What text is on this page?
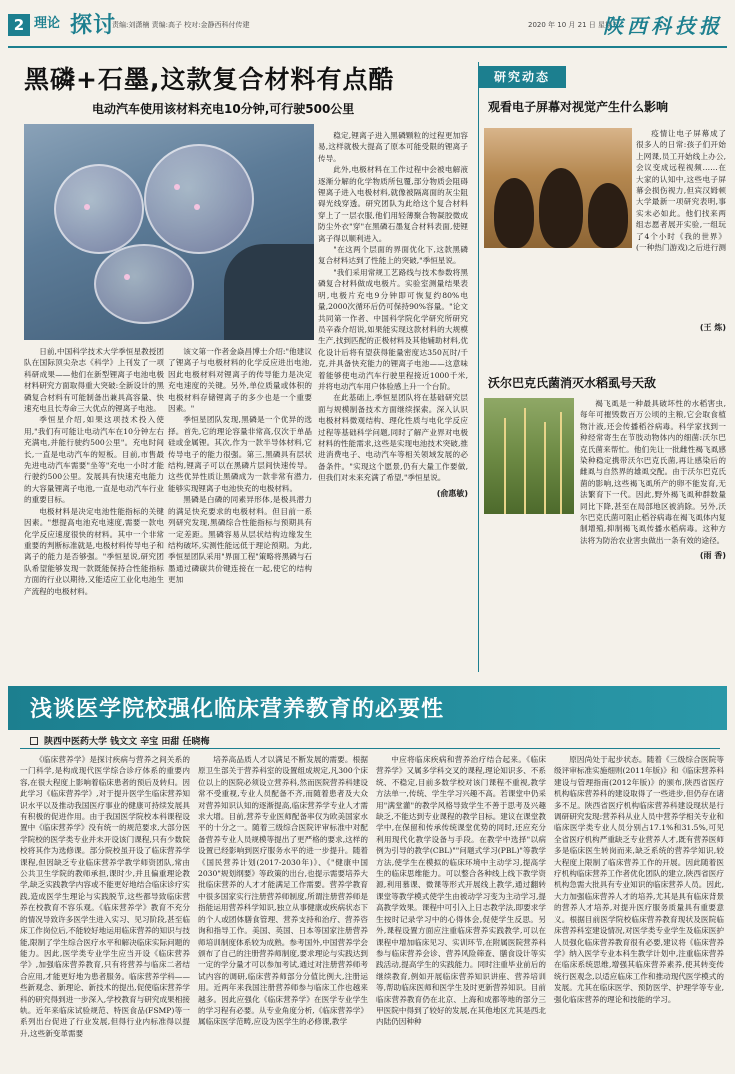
2 理论 探讨
责编:刘潇楠 责编:高子 校对:金静西科付传建	2020 年 10 月 21 日 星期三
陕西科技报
黑磷+石墨,这款复合材料有点酷
电动汽车使用该材料充电10分钟,可行驶500公里

日前,中国科学技术大学季恒星教授团队在国际顶尖杂志《科学》上刊发了一项科研成果——他们在新型锂离子电池电极材料研究方面取得重大突破:全新设计的黑磷复合材料有可能制备出兼具高容量、快速充电且长寿命三大优点的锂离子电池。

季恒星介绍,如果这项技术投入使用,"我们有可能让电动汽车在10分钟左右充满电,并能行驶约500公里"。充电时间长,一直是电动汽车的短板。目前,市售最先进电动汽车需要"坐等"充电一小时才能行驶约500公里。发展具有快速充电能力的大容量锂离子电池,一直是电动汽车行业的重要目标。

电极材料是决定电池性能指标的关键因素。"想提高电池充电速度,需要一款电化学反应速度很快的材料。其中一个非常重要的判断标准就是,电极材料传导电子和离子的能力是否够强。"季恒星说,研究团队希望能够发现一款既能保持合性能指标方面的行业以期待,又能适应工业化电池生产流程的电极材料。

该文第一作者金焱昌博士介绍:"他建议了锂离子与电极材料的化学反应进出电池,因此电极材料对锂离子的传导能力是决定充电速度的关键。另外,单位质量或体积的电极材料存储锂离子的多少也是一个重要因素。"

季恒星团队发现,黑磷是一个优异的选择。首先,它的理论容量非常高,仅次于单晶硅或金属锂。其次,作为一款半导体材料,它传导电子的能力很强。第三,黑磷具有层状结构,锂离子可以在黑磷片层间快速传导。这些优异性质让黑磷成为一款非常有潜力,能够实现锂离子电池快充的电极材料。

黑磷是白磷的同素异形体,是极具潜力的满足快充要求的电极材料。但目前一系列研究发现,黑磷综合性能指标与预期具有一定差距。黑磷容易从层状结构边缘发生结构破坏,实测性能远低于理论预期。为此,季恒星团队采用"界面工程"策略将黑磷与石墨通过磷碳共价键连接在一起,使它的结构更加

稳定,锂离子进入黑磷颗粒的过程更加容易,这样就极大提高了原本可能受限的锂离子传导。

此外,电极材料在工作过程中会被电解液逐渐分解的化学物质所包覆,部分物质会阻碍锂离子进入电极材料,就像被隔离面的灰尘阻碍光线穿透。研究团队为此给这个复合材料穿上了一层衣服,他们用轻薄聚合物凝胶微成防尘外衣"穿"在黑磷石墨复合材料表面,使锂离子得以顺利进入。

"在这两个层面的界面优化下,这款黑磷复合材料达到了性能上的突破,"季恒星说。

"我们采用常规工艺路线与技术参数将黑磷复合材料做成电极片。实验室测量结果表明,电极片充电9分钟即可恢复约80%电量,2000次循环后仍可保持90%容量。"论文共同第一作者、中国科学院化学研究所研究员辛森介绍说,如果能实现这款材料的大规模生产,找到匹配的正极材料及其他辅助材料,优化设计后将有望获得能量密度达350瓦时/千克,并具备快充能力的锂离子电池——这意味着能够使电动汽车行驶里程接近1000千米,并将电动汽车用户体验感上升一个台阶。

在此基础上,季恒星团队将在基础研究层面与规模制备技术方面继续探索。深入认识电极材料微观结构、理化性质与电化学反应过程等基础科学问题,同时了解产业界对电极材料的性能需求,这些是实现电池技术突破,推进消费电子、电动汽车等相关领域发展的必备条件。"实现这个愿景,仍有大量工作要做,但我们对未来充满了希望,"季恒星说。

(俞惠敏)
研究动态
观看电子屏幕对视觉产生什么影响

疫情让电子屏幕成了很多人的日常:孩子们开始上网课,员工开始线上办公,会议变成远程视频……在大家的认知中,这些电子屏幕会损伤视力,但宾汉姆顿大学最新一项研究表明,事实未必如此。他们找来两组志愿者展开实验,一组玩了4个小时《我的世界》(一种热门游戏)之后进行测

(王 炼)
沃尔巴克氏菌消灭水稻虱号天敌

褐飞虱是一种最具破坏性的水稻害虫,每年可摧毁数百万公顷的主粮,它会取食植物汁液,还会传播稻谷病毒。科学家找到一种经常寄生在节肢动物体内的细菌:沃尔巴克氏菌来帮忙。他们先让一批雌性褐飞虱感染种稳定携带沃尔巴克氏菌,再让感染后的雌虱与自然界的雄虱交配。由于沃尔巴克氏菌的影响,这些褐飞虱所产的卵不能发育,无法繁育下一代。因此,野外褐飞虱种群数量同比下降,甚至在局部地区被消除。另外,沃尔巴克氏菌可阻止稻谷病毒在褐飞虱体内复制增殖,抑制褐飞虱传播水稻病毒。这种方法将为防治农业害虫做出一条有效的途径。

(雨 香)
浅谈医学院校强化临床营养教育的必要性
陕西中医药大学 钱文文 辛宝 田甜 任晓梅

《临床营养学》是探讨疾病与营养之间关系的一门科学,是构成现代医学综合诊疗体系的重要内容,在很大程度上影响着临床患者的预后及转归。因此学习《临床营养学》,对于提升医学生临床营养知识水平以及推动我国医疗事业的健康可持续发展具有积极的促进作用。由于我国医学院校本科课程设置中《临床营养学》没有统一的规范要求,大部分医学院校的医学类专业并未开设该门课程,只有少数院校将其作为选修课。部分院校虽开设了临床营养学课程,但因缺乏专业临床营养学教学师资团队,常由公共卫生学院的教师承担,课时少,并且偏重理论教学,缺乏实践教学内容或不能更好地结合临床诊疗实践,造成医学生理论与实践脱节,这些都导致临床营养在校教育不容乐观。《临床营养学》教育不充分的情况导致许多医学生进入实习、见习阶段,甚至临床工作岗位后,不能较好地运用临床营养的知识与技能,限制了学生综合医疗水平和解决临床实际问题的能力。因此,医学类专业学生应当开设《临床营养学》,加强临床营养教育,只有将营养与临床二者结合应用,才能更好地为患者服务。临床营养学科——些新观念、新理论、新技术的提出,促使临床营养学科的研究得到进一步深入,学校教育与研究成果相接轨。近年来临床试验规范、特医食品(FSMP)等一系列出台促进了行业发展,但得行业内标准得以提升,这些新变革需要

培养高品质人才以满足不断发展的需要。根据原卫生部关于营养科室的设置组成规定,凡300个床位以上的医院必须设立营养科,然而医院营养科建设常不受重视,专业人员配备不齐,而随着患者及大众对营养知识认知的逐渐提高,临床营养学专业人才需求大增。目前,营养专业医师配备率仅为欧美国家水平的十分之一。随着三级综合医院评审标准中对配备营养专业人员规模等提出了更严格的要求,这样的设置已经影响到医疗服务水平的进一步提升。随着《国民营养计划(2017-2030年)》、《"健康中国2030"规划纲要》等政策的出台,也提示需要培养大批临床营养的人才才能满足工作需要。营养学教育中很多国家实行注册营养师制度,所谓注册营养师是指能运用营养科学知识,独立从事健康或疾病状态下的个人或团体膳食管理、营养支持和治疗、营养咨询和指导工作。美国、英国、日本等国家注册营养师培训制度体系较为成熟。参考国外,中国营养学会颁布了自己的注册营养师制度,要求理论与实践达到一定的学分量才可以参加考试,通过对注册营养师考试内容的调研,临床营养师部分分值比例大,注册运用。近两年来我国注册营养师参与临床工作也越来越多。因此应强化《临床营养学》在医学专业学生的学习程有必要。从专业角度分析,《临床营养学》属临床医学范畴,应设为医学生的必修课,教学

中应将临床疾病和营养治疗结合起来。《临床营养学》又属多学科交叉的课程,理论知识多、不系统、不稳定,目前多数学校对该门课程不重视,教学方法单一,传统、学生学习兴趣不高。若课堂中仍采用"满堂灌"的教学风格导致学生不善于思考及兴趣缺乏,不能达到专业课程的教学目标。建议在课堂教学中,在保留和传承传统课堂优势的同时,还应充分利用现代化教学设备与手段。在教学中选择"以病例为引导的教学(CBL)""问题式学习(PBL)"等教学方法,使学生在模拟的临床环境中主动学习,提高学生的临床思维能力。可以整合各种线上线下教学资源,利用慕课、微课等形式开展线上教学,通过翻转课堂等教学模式使学生由被动学习变为主动学习,提高教学效果。课程中可引入上日志教学法,即要求学生按时记录学习中的心得体会,促使学生反思。另外,课程设置方面应注重临床营养实践教学,可以在课程中增加临床见习、实训环节,在附属医院营养科参与临床营养会诊、营养风险筛查、膳食设计等实践活动,提高学生的实践能力。同时注重毕业前后的继续教育,例如开展临床营养知识讲座、营养培训等,帮助临床医师和医学生及时更新营养知识。目前临床营养教育仍在北京、上海和成都等地的部分三甲医院中得到了较好的发展,在其他地区尤其是西北内陆仍因种种

原因尚处于起步状态。随着《三级综合医院等级评审标准实施细则(2011年版)》和《临床营养科建设与管理指南(2012年版)》的颁布,陕西省医疗机构临床营养科的建设取得了一些进步,但仍存在诸多不足。陕西省医疗机构临床营养科建设现状是行调研研究发现:营养科从业人员中营养学相关专业和临床医学类专业人员分别占17.1%和31.5%,可见全省医疗机构严重缺乏专业营养人才,既有营养医师多是临床医生转岗而来,缺乏系统的营养学知识,较大程度上限制了临床营养工作的开展。因此随着医疗机构临床营养工作者优化团队的建立,陕西省医疗机构急需大批具有专业知识的临床营养人员。因此,大力加强临床营养人才的培养,尤其是具有临床背景的营养人才培养,对提升医疗服务质量具有重要意义。根据目前医学院校临床营养教育现状及医院临床营养科室建设情况,对医学类专业学生及临床医护人员强化临床营养教育很有必要,建议将《临床营养学》纳入医学专业本科生教学计划中,注重临床营养在临床系统思维,增强其临床营养素养,使其转变传统行医观念,以适应临床工作和推动现代医学模式的发展。尤其在临床医学、预防医学、护理学等专业,强化临床营养的理论和技能的学习。
